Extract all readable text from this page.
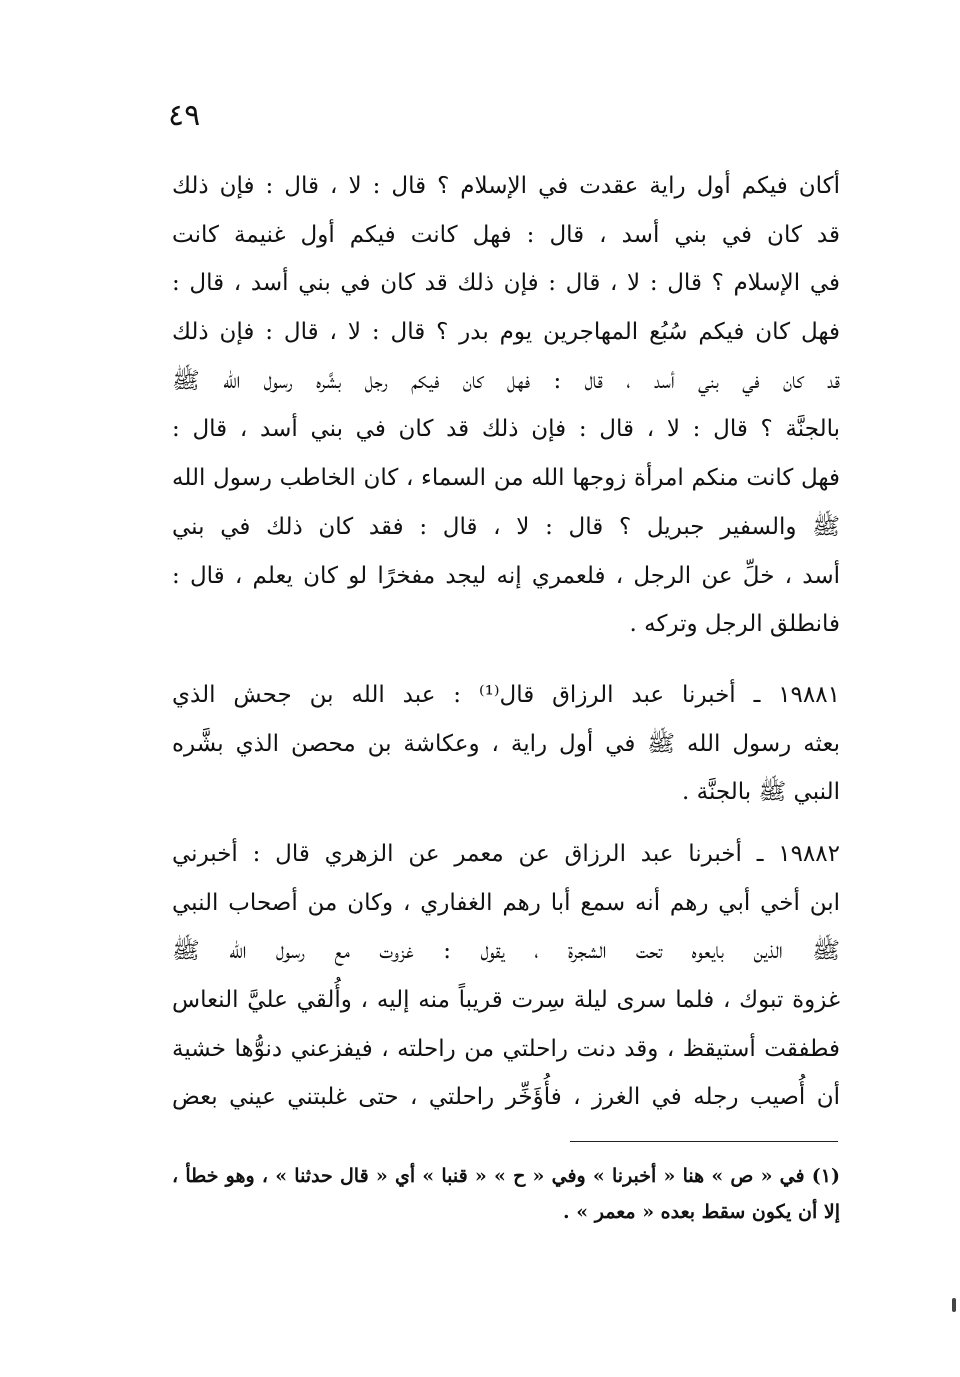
٤٩
أكان فيكم أول راية عقدت في الإسلام ؟ قال : لا ، قال : فإن ذلك
قد كان في بني أسد ، قال : فهل كانت فيكم أول غنيمة كانت
في الإسلام ؟ قال : لا ، قال : فإن ذلك قد كان في بني أسد ، قال :
فهل كان فيكم سُبُع المهاجرين يوم بدر ؟ قال : لا ، قال : فإن ذلك
قد كان في بني أسد ، قال : فهل كان فيكم رجل بشَّره رسول الله ﷺ
بالجنَّة ؟ قال : لا ، قال : فإن ذلك قد كان في بني أسد ، قال :
فهل كانت منكم امرأة زوجها الله من السماء ، كان الخاطب رسول الله
ﷺ والسفير جبريل ؟ قال : لا ، قال : فقد كان ذلك في بني
أسد ، خلِّ عن الرجل ، فلعمري إنه ليجد مفخرًا لو كان يعلم ، قال :
فانطلق الرجل وتركه .
١٩٨٨١ ـ أخبرنا عبد الرزاق قال⁽¹⁾ : عبد الله بن جحش الذي
بعثه رسول الله ﷺ في أول راية ، وعكاشة بن محصن الذي بشَّره
النبي ﷺ بالجنَّة .
١٩٨٨٢ ـ أخبرنا عبد الرزاق عن معمر عن الزهري قال : أخبرني
ابن أخي أبي رهم أنه سمع أبا رهم الغفاري ، وكان من أصحاب النبي
ﷺ الذين بايعوه تحت الشجرة ، يقول : غزوت مع رسول الله ﷺ
غزوة تبوك ، فلما سرى ليلة سِرت قريباً منه إليه ، وأُلقي عليَّ النعاس
فطفقت أستيقظ ، وقد دنت راحلتي من راحلته ، فيفزعني دنوُّها خشية
أن أُصيب رجله في الغرز ، فأُؤَخِّر راحلتي ، حتى غلبتني عيني بعض
(١) في « ص » هنا « أخبرنا » وفي « ح » « قنبا » أي « قال حدثنا » ، وهو خطأ ،
إلا أن يكون سقط بعده « معمر » .
